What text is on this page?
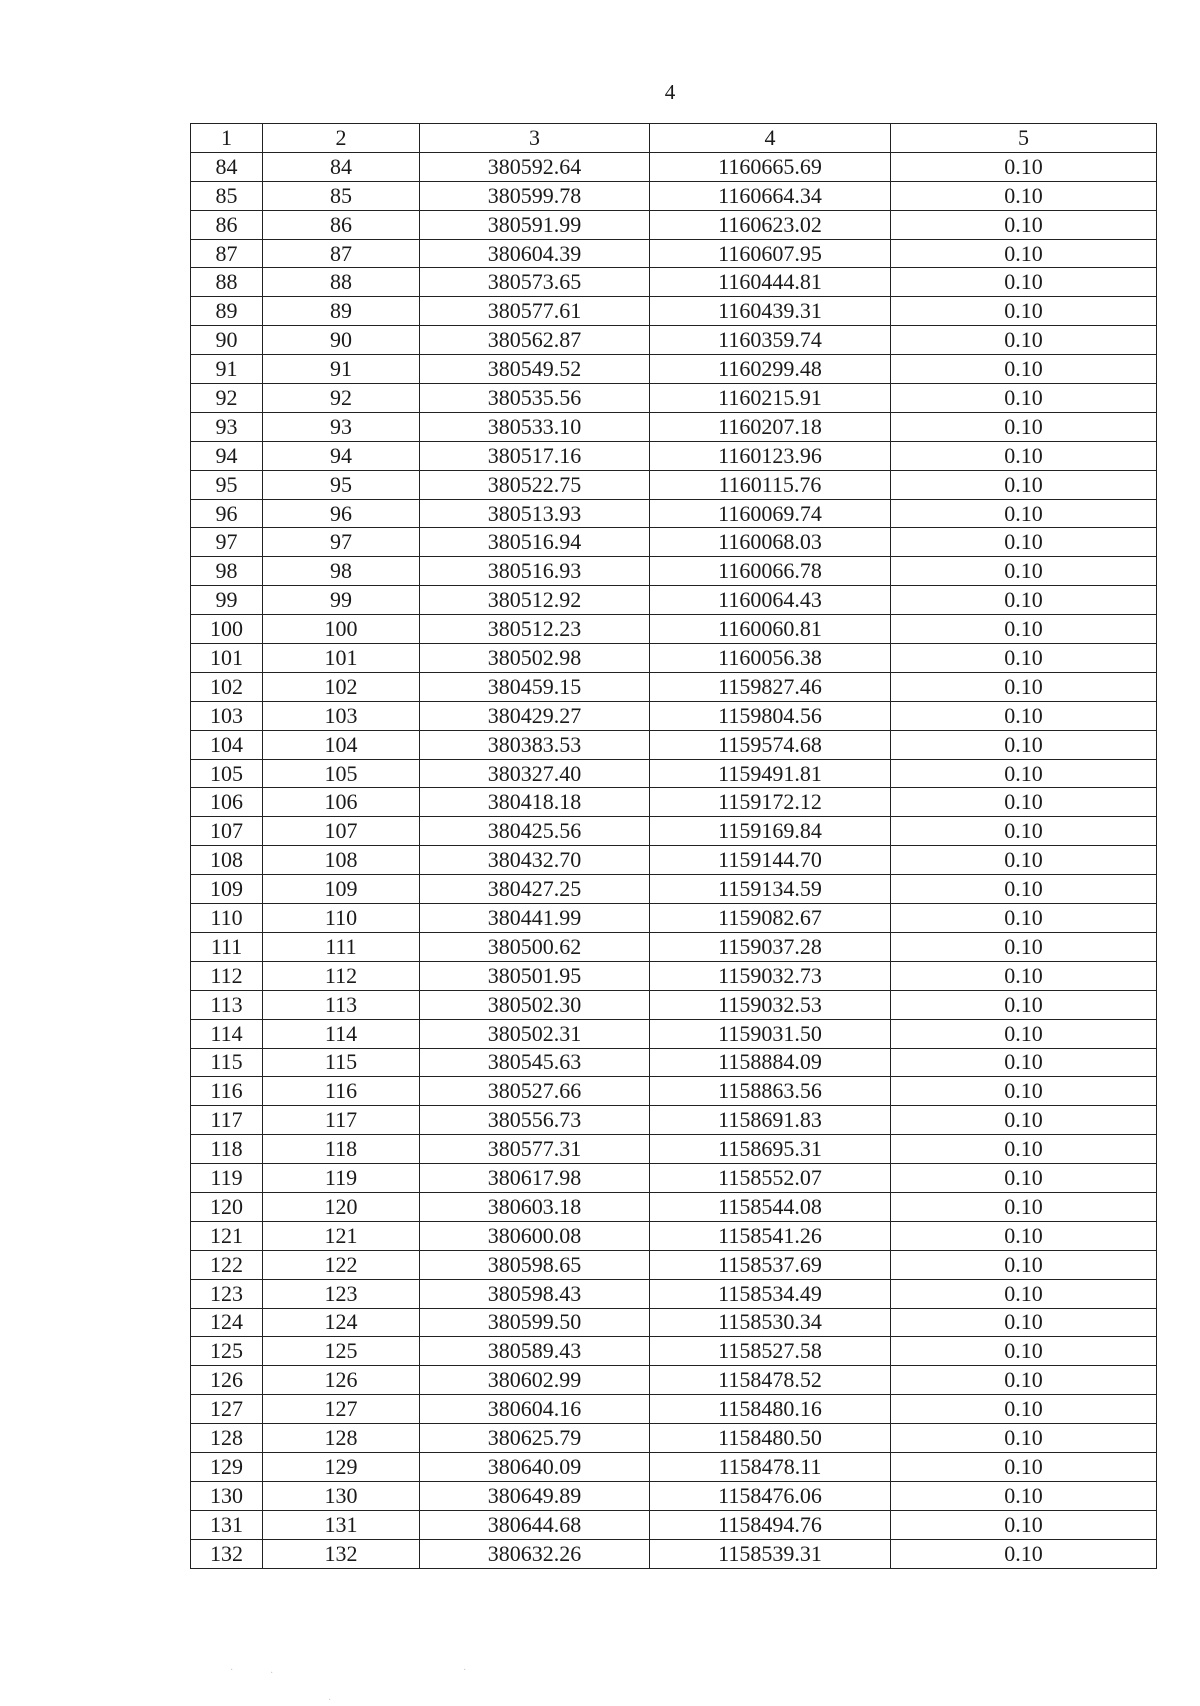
4
1	2	3	4	5
84	84	380592.64	1160665.69	0.10
85	85	380599.78	1160664.34	0.10
86	86	380591.99	1160623.02	0.10
87	87	380604.39	1160607.95	0.10
88	88	380573.65	1160444.81	0.10
89	89	380577.61	1160439.31	0.10
90	90	380562.87	1160359.74	0.10
91	91	380549.52	1160299.48	0.10
92	92	380535.56	1160215.91	0.10
93	93	380533.10	1160207.18	0.10
94	94	380517.16	1160123.96	0.10
95	95	380522.75	1160115.76	0.10
96	96	380513.93	1160069.74	0.10
97	97	380516.94	1160068.03	0.10
98	98	380516.93	1160066.78	0.10
99	99	380512.92	1160064.43	0.10
100	100	380512.23	1160060.81	0.10
101	101	380502.98	1160056.38	0.10
102	102	380459.15	1159827.46	0.10
103	103	380429.27	1159804.56	0.10
104	104	380383.53	1159574.68	0.10
105	105	380327.40	1159491.81	0.10
106	106	380418.18	1159172.12	0.10
107	107	380425.56	1159169.84	0.10
108	108	380432.70	1159144.70	0.10
109	109	380427.25	1159134.59	0.10
110	110	380441.99	1159082.67	0.10
111	111	380500.62	1159037.28	0.10
112	112	380501.95	1159032.73	0.10
113	113	380502.30	1159032.53	0.10
114	114	380502.31	1159031.50	0.10
115	115	380545.63	1158884.09	0.10
116	116	380527.66	1158863.56	0.10
117	117	380556.73	1158691.83	0.10
118	118	380577.31	1158695.31	0.10
119	119	380617.98	1158552.07	0.10
120	120	380603.18	1158544.08	0.10
121	121	380600.08	1158541.26	0.10
122	122	380598.65	1158537.69	0.10
123	123	380598.43	1158534.49	0.10
124	124	380599.50	1158530.34	0.10
125	125	380589.43	1158527.58	0.10
126	126	380602.99	1158478.52	0.10
127	127	380604.16	1158480.16	0.10
128	128	380625.79	1158480.50	0.10
129	129	380640.09	1158478.11	0.10
130	130	380649.89	1158476.06	0.10
131	131	380644.68	1158494.76	0.10
132	132	380632.26	1158539.31	0.10
·	·	·
·
